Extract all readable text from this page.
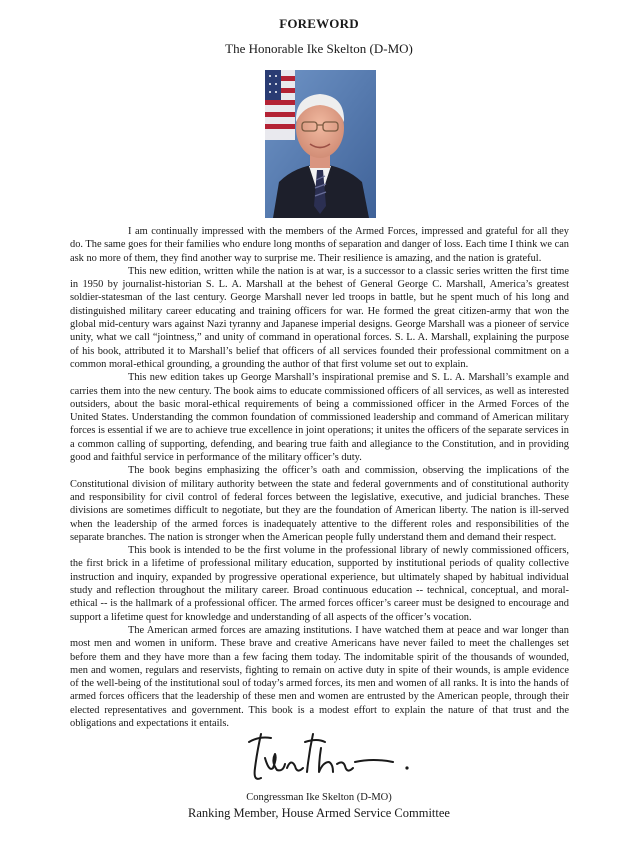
FOREWORD
The Honorable Ike Skelton (D-MO)

I am continually impressed with the members of the Armed Forces, impressed and grateful for all they do. The same goes for their families who endure long months of separation and danger of loss. Each time I think we can ask no more of them, they find another way to surprise me. Their resilience is amazing, and the nation is grateful.

This new edition, written while the nation is at war, is a successor to a classic series written the first time in 1950 by journalist-historian S. L. A. Marshall at the behest of General George C. Marshall, America’s greatest soldier-statesman of the last century. George Marshall never led troops in battle, but he spent much of his long and distinguished military career educating and training officers for war. He formed the great citizen-army that won the global mid-century wars against Nazi tyranny and Japanese imperial designs. George Marshall was a pioneer of service unity, what we call “jointness,” and unity of command in operational forces. S. L. A. Marshall, explaining the purpose of his book, attributed it to Marshall’s belief that officers of all services founded their professional commitment on a common moral-ethical grounding, a grounding the author of that first volume set out to explain.

This new edition takes up George Marshall’s inspirational premise and S. L. A. Marshall’s example and carries them into the new century. The book aims to educate commissioned officers of all services, as well as interested outsiders, about the basic moral-ethical requirements of being a commissioned officer in the Armed Forces of the United States. Understanding the common foundation of commissioned leadership and command of American military forces is essential if we are to achieve true excellence in joint operations; it unites the officers of the separate services in a common calling of supporting, defending, and bearing true faith and allegiance to the Constitution, and in providing good and faithful service in performance of the military officer’s duty.

The book begins emphasizing the officer’s oath and commission, observing the implications of the Constitutional division of military authority between the state and federal governments and of constitutional authority and responsibility for civil control of federal forces between the legislative, executive, and judicial branches. These divisions are sometimes difficult to negotiate, but they are the foundation of American liberty. The nation is ill-served when the leadership of the armed forces is inadequately attentive to the different roles and responsibilities of the separate branches. The nation is stronger when the American people fully understand them and demand their respect.

This book is intended to be the first volume in the professional library of newly commissioned officers, the first brick in a lifetime of professional military education, supported by institutional periods of quality collective instruction and inquiry, expanded by progressive operational experience, but ultimately shaped by habitual individual study and reflection throughout the military career. Broad continuous education -- technical, conceptual, and moral-ethical -- is the hallmark of a professional officer. The armed forces officer’s career must be designed to encourage and support a lifetime quest for knowledge and understanding of all aspects of the officer’s vocation.

The American armed forces are amazing institutions. I have watched them at peace and war longer than most men and women in uniform. These brave and creative Americans have never failed to meet the challenges set before them and they have more than a few facing them today. The indomitable spirit of the thousands of wounded, men and women, regulars and reservists, fighting to remain on active duty in spite of their wounds, is ample evidence of the well-being of the institutional soul of today’s armed forces, its men and women of all ranks. It is into the hands of armed forces officers that the leadership of these men and women are entrusted by the American people, through their elected representatives and government. This book is a modest effort to explain the nature of that trust and the obligations and expectations it entails.

Congressman Ike Skelton (D-MO)
Ranking Member, House Armed Service Committee
